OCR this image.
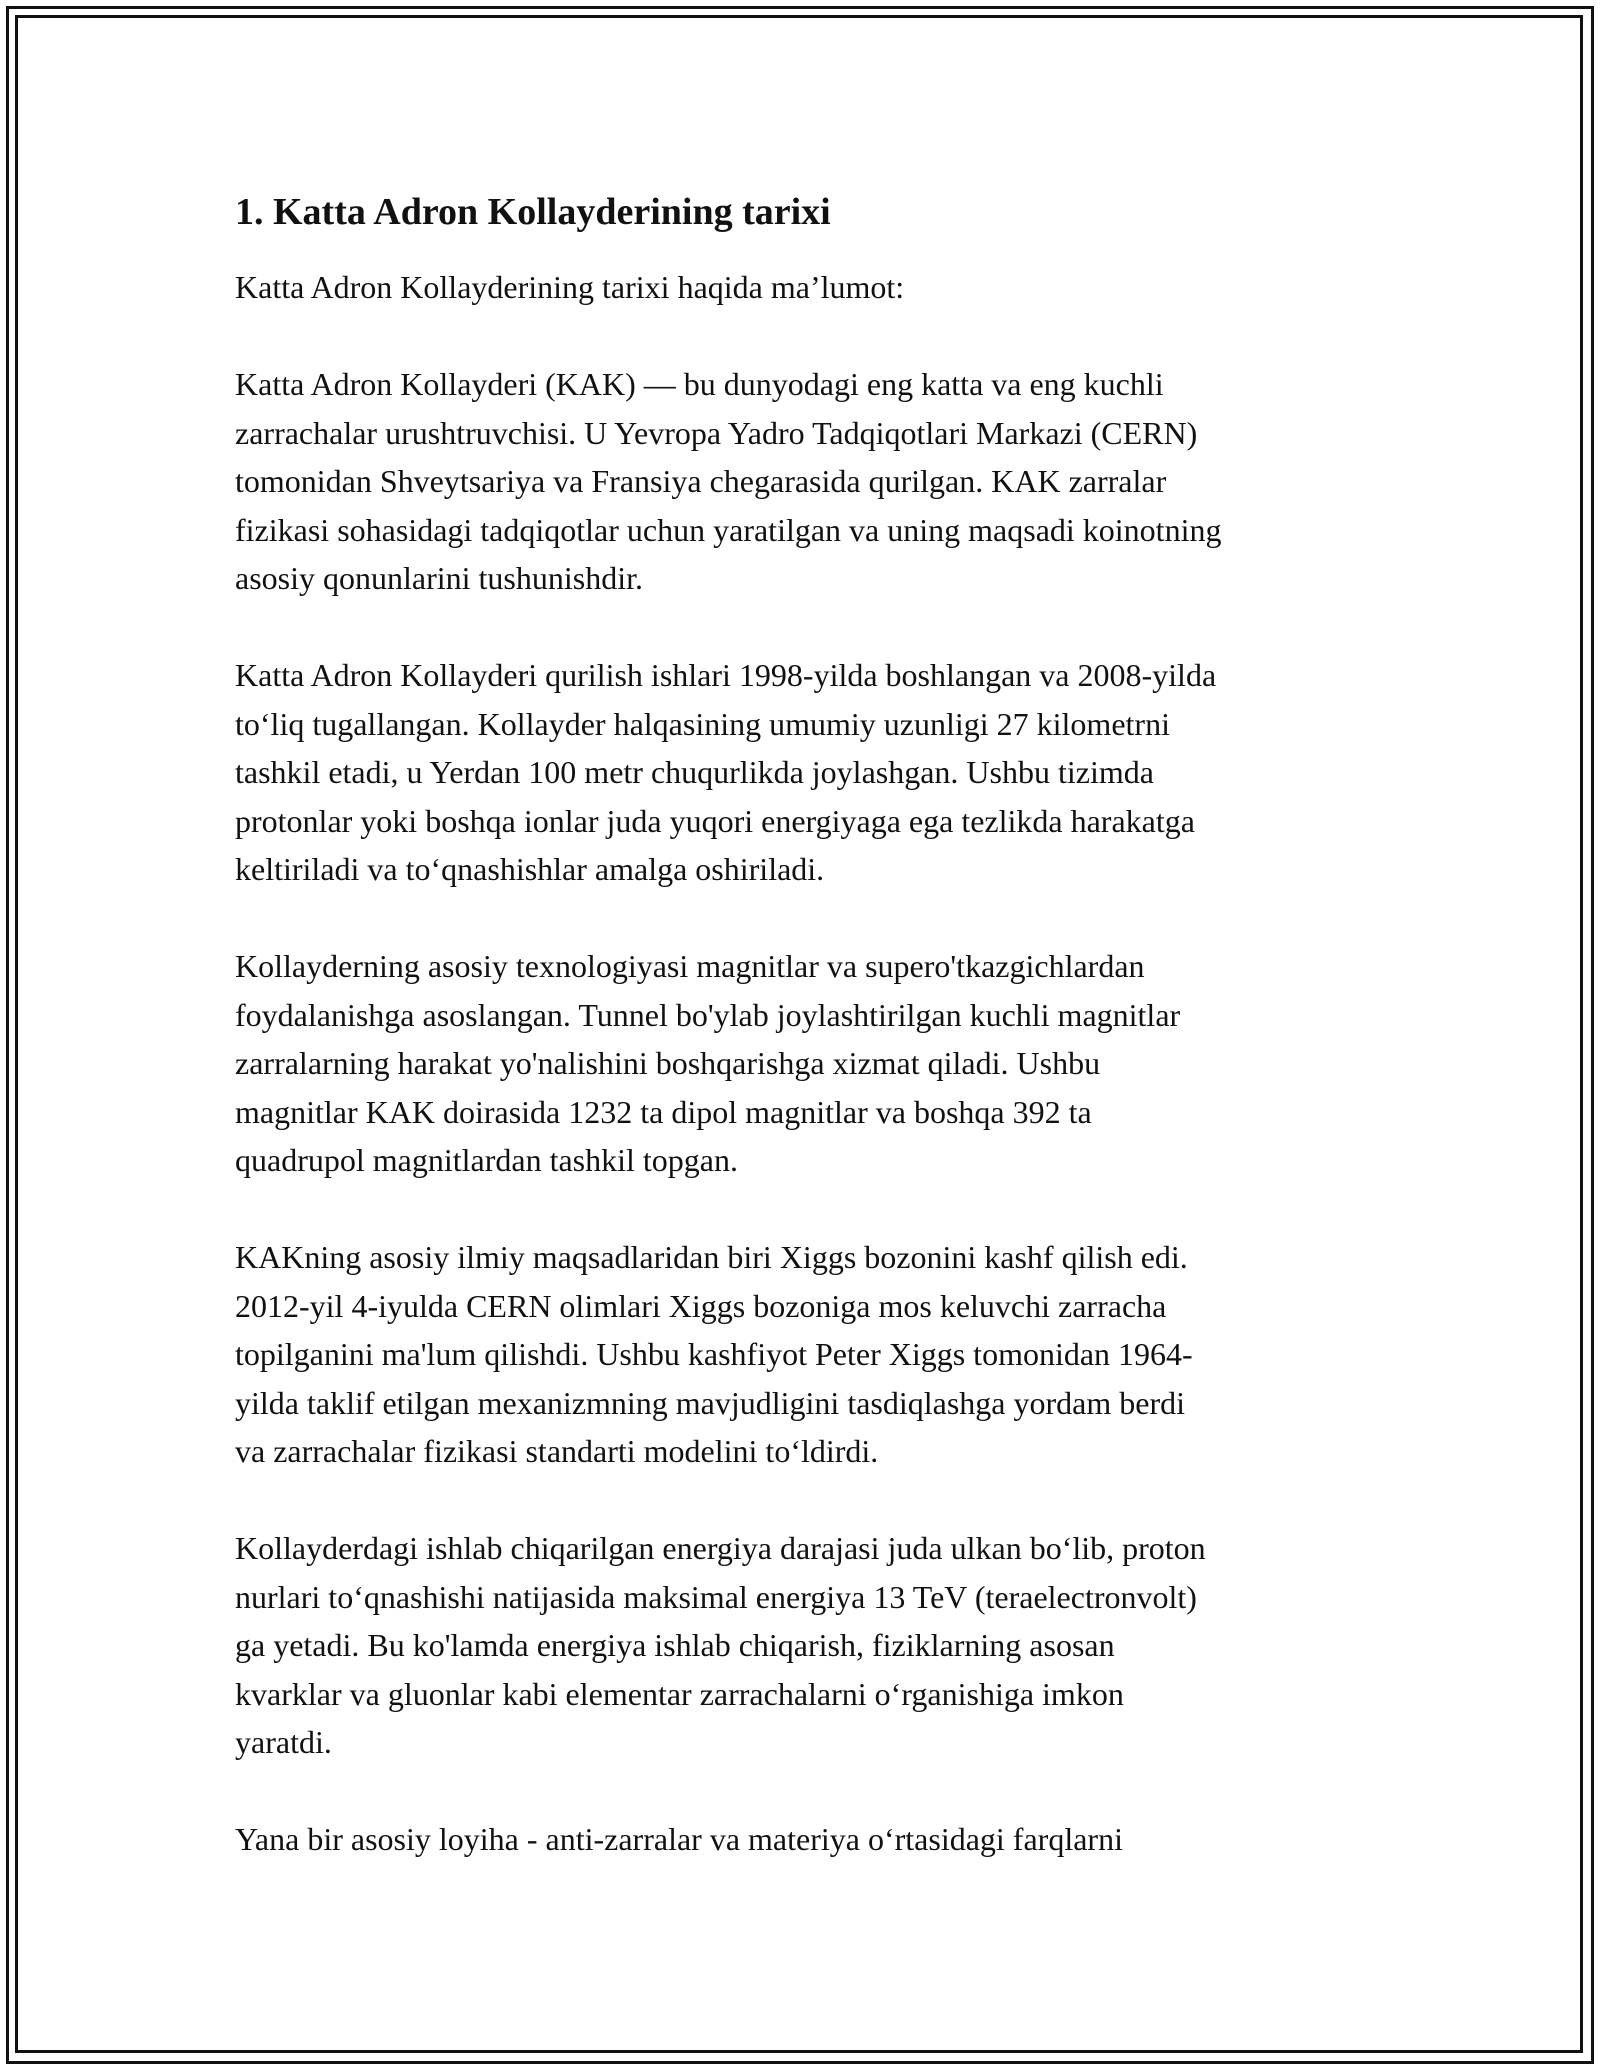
1. Katta Adron Kollayderining tarixi

Katta Adron Kollayderining tarixi haqida ma’lumot:

Katta Adron Kollayderi (KAK) — bu dunyodagi eng katta va eng kuchli
zarrachalar urushtruvchisi. U Yevropa Yadro Tadqiqotlari Markazi (CERN)
tomonidan Shveytsariya va Fransiya chegarasida qurilgan. KAK zarralar
fizikasi sohasidagi tadqiqotlar uchun yaratilgan va uning maqsadi koinotning
asosiy qonunlarini tushunishdir.

Katta Adron Kollayderi qurilish ishlari 1998-yilda boshlangan va 2008-yilda
to‘liq tugallangan. Kollayder halqasining umumiy uzunligi 27 kilometrni
tashkil etadi, u Yerdan 100 metr chuqurlikda joylashgan. Ushbu tizimda
protonlar yoki boshqa ionlar juda yuqori energiyaga ega tezlikda harakatga
keltiriladi va to‘qnashishlar amalga oshiriladi.

Kollayderning asosiy texnologiyasi magnitlar va supero'tkazgichlardan
foydalanishga asoslangan. Tunnel bo'ylab joylashtirilgan kuchli magnitlar
zarralarning harakat yo'nalishini boshqarishga xizmat qiladi. Ushbu
magnitlar KAK doirasida 1232 ta dipol magnitlar va boshqa 392 ta
quadrupol magnitlardan tashkil topgan.

KAKning asosiy ilmiy maqsadlaridan biri Xiggs bozonini kashf qilish edi.
2012-yil 4-iyulda CERN olimlari Xiggs bozoniga mos keluvchi zarracha
topilganini ma'lum qilishdi. Ushbu kashfiyot Peter Xiggs tomonidan 1964-
yilda taklif etilgan mexanizmning mavjudligini tasdiqlashga yordam berdi
va zarrachalar fizikasi standarti modelini to‘ldirdi.

Kollayderdagi ishlab chiqarilgan energiya darajasi juda ulkan bo‘lib, proton
nurlari to‘qnashishi natijasida maksimal energiya 13 TeV (teraelectronvolt)
ga yetadi. Bu ko'lamda energiya ishlab chiqarish, fiziklarning asosan
kvarklar va gluonlar kabi elementar zarrachalarni o‘rganishiga imkon
yaratdi.

Yana bir asosiy loyiha - anti-zarralar va materiya o‘rtasidagi farqlarni
